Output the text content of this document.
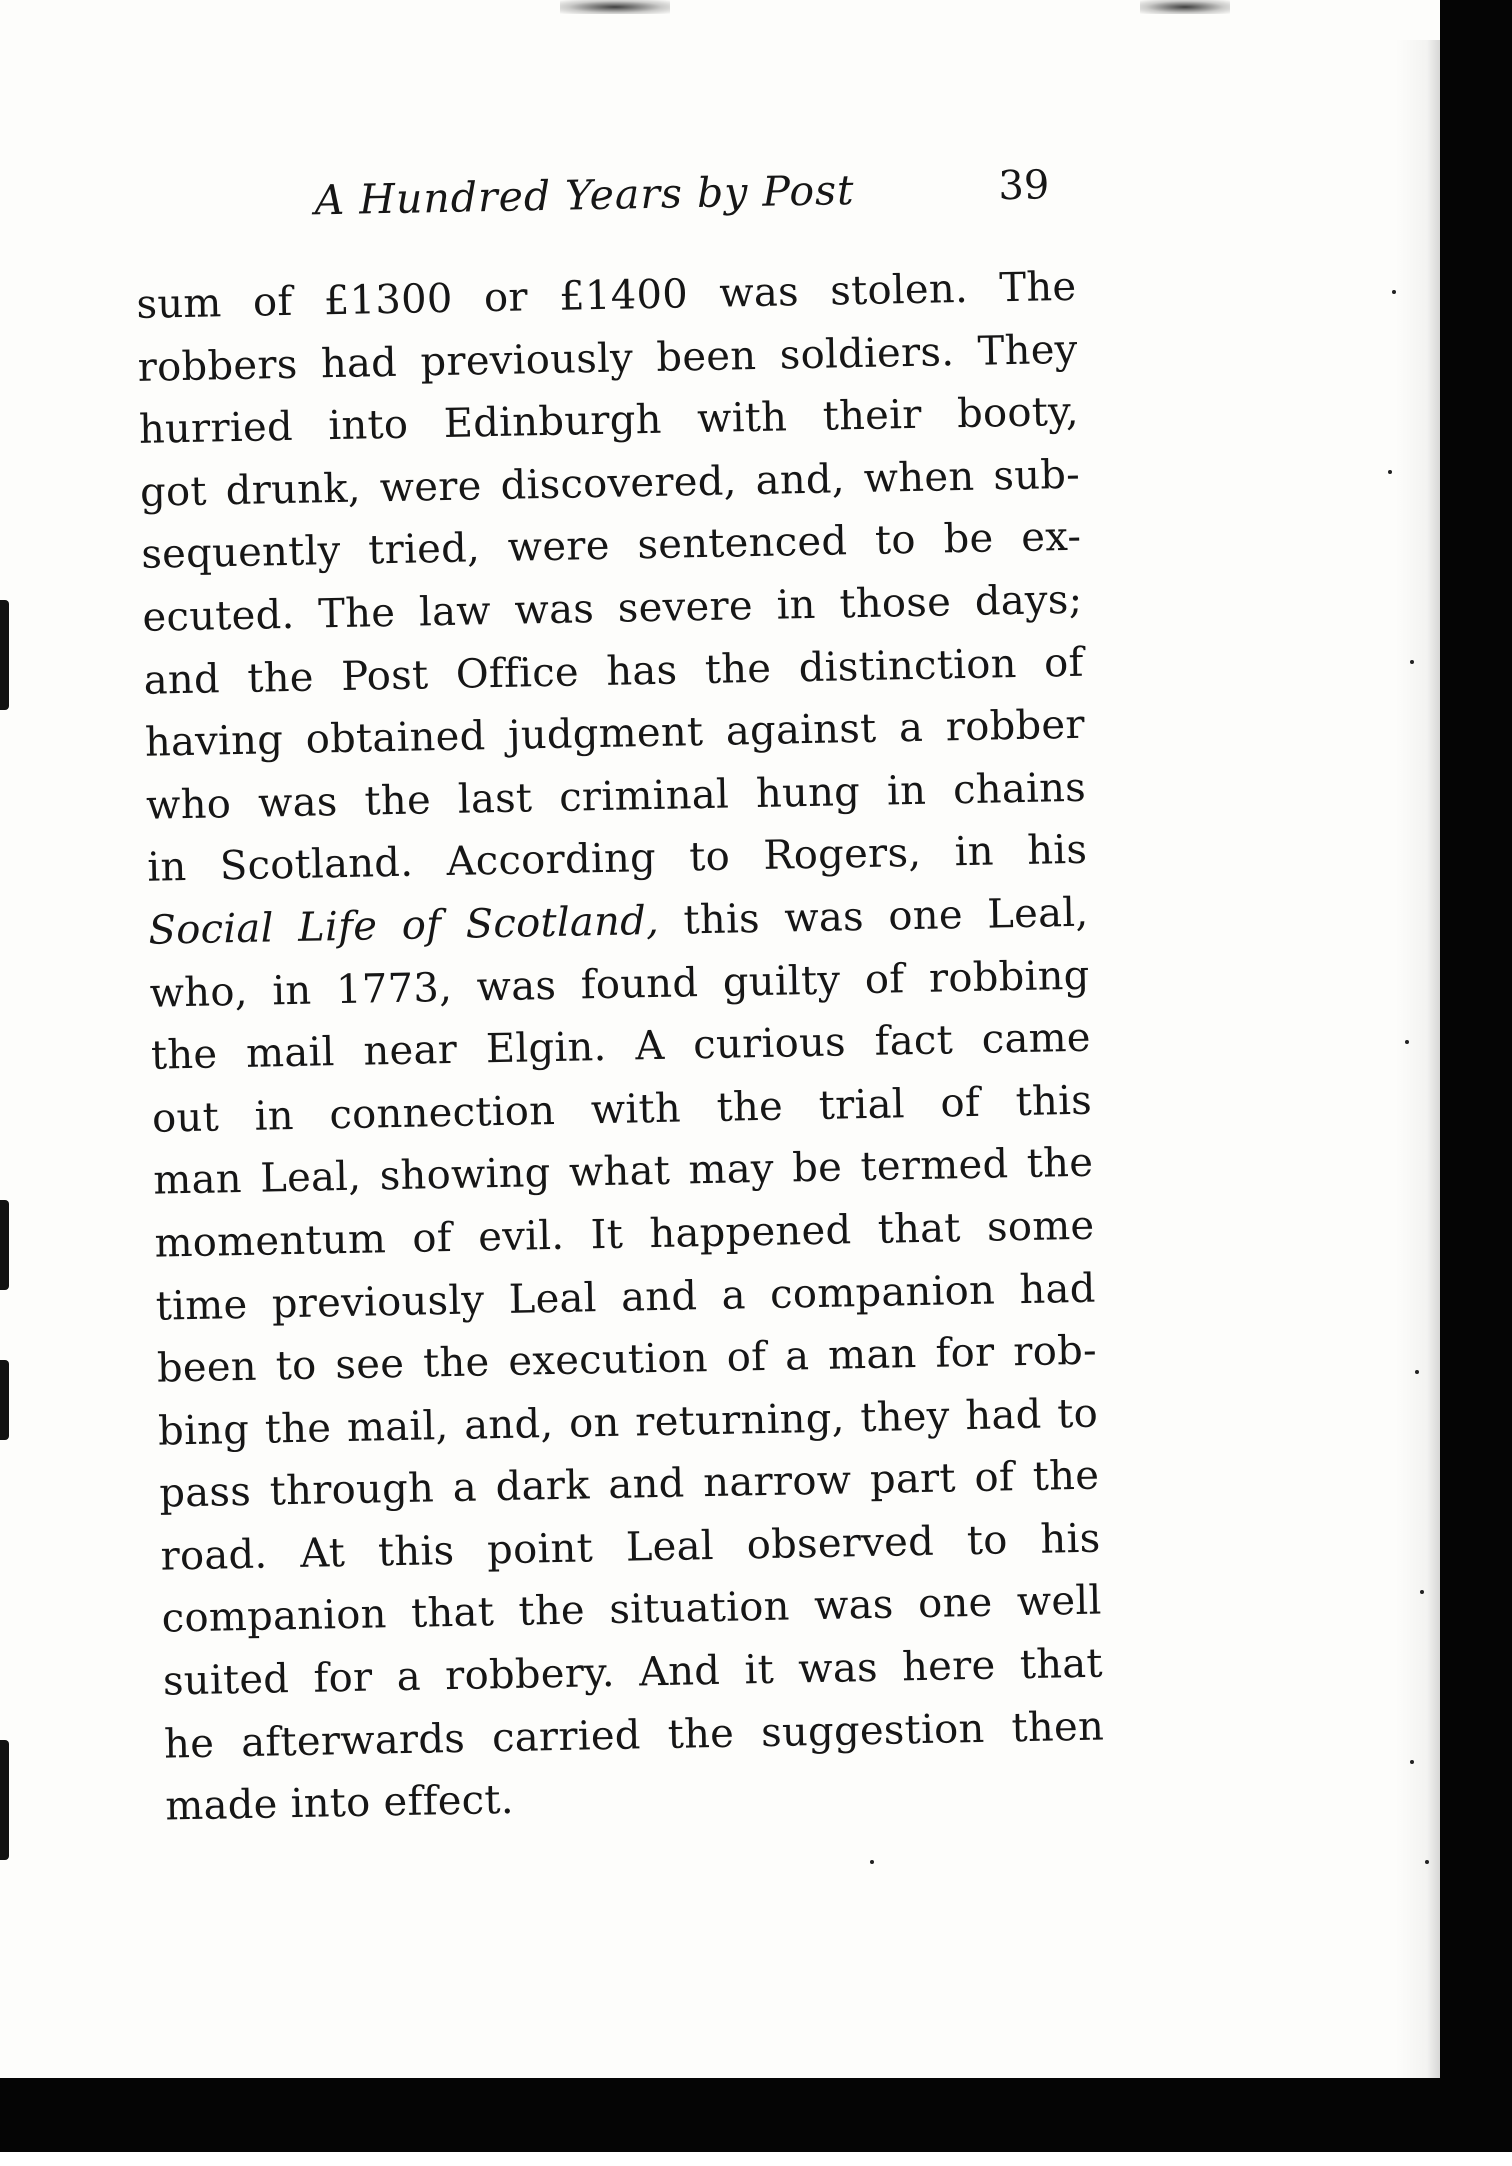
A Hundred Years by Post	39
sum of £1300 or £1400 was stolen. The
robbers had previously been soldiers. They
hurried into Edinburgh with their booty,
got drunk, were discovered, and, when sub-
sequently tried, were sentenced to be ex-
ecuted. The law was severe in those days;
and the Post Office has the distinction of
having obtained judgment against a robber
who was the last criminal hung in chains
in Scotland. According to Rogers, in his
Social Life of Scotland, this was one Leal,
who, in 1773, was found guilty of robbing
the mail near Elgin. A curious fact came
out in connection with the trial of this
man Leal, showing what may be termed the
momentum of evil. It happened that some
time previously Leal and a companion had
been to see the execution of a man for rob-
bing the mail, and, on returning, they had to
pass through a dark and narrow part of the
road. At this point Leal observed to his
companion that the situation was one well
suited for a robbery. And it was here that
he afterwards carried the suggestion then
made into effect.
